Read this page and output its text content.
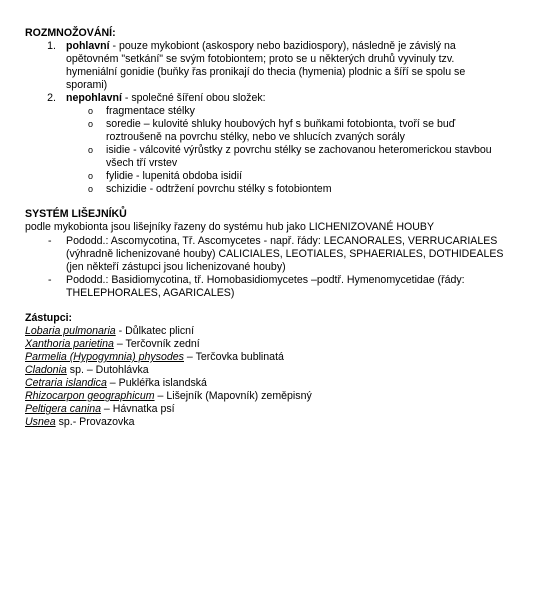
ROZMNOŽOVÁNÍ:
1. pohlavní - pouze mykobiont (askospory nebo bazidiospory), následně je závislý na
opětovném "setkání" se svým fotobiontem; proto se u některých druhů vyvinuly tzv.
hymeniální gonidie (buňky řas pronikají do thecia (hymenia) plodnic a šíří se spolu se
sporami)
2. nepohlavní - společné šíření obou složek:
o fragmentace stélky
o soredie – kulovité shluky houbových hyf s buňkami fotobionta, tvoří se buď
roztroušeně na povrchu stélky, nebo ve shlucích zvaných sorály
o isidie - válcovité výrůstky z povrchu stélky se zachovanou heteromerickou stavbou
všech tří vrstev
o fylidie - lupenitá obdoba isidií
o schizidie - odtržení povrchu stélky s fotobiontem
SYSTÉM LIŠEJNÍKŮ
podle mykobionta jsou lišejníky řazeny do systému hub jako LICHENIZOVANÉ HOUBY
- Pododd.: Ascomycotina, Tř. Ascomycetes - např. řády: LECANORALES, VERRUCARIALES
(výhradně lichenizované houby) CALICIALES, LEOTIALES, SPHAERIALES, DOTHIDEALES
(jen někteří zástupci jsou lichenizované houby)
- Pododd.: Basidiomycotina, tř. Homobasidiomycetes –podtř. Hymenomycetidae (řády:
THELEPHORALES, AGARICALES)
Zástupci:
Lobaria pulmonaria - Důlkatec plicní
Xanthoria parietina – Terčovník zední
Parmelia (Hypogymnia) physodes – Terčovka bublinatá
Cladonia sp. – Dutohlávka
Cetraria islandica – Pukléřka islandská
Rhizocarpon geographicum – Lišejník (Mapovník) zeměpisný
Peltigera canina – Hávnatka psí
Usnea sp.- Provazovka
